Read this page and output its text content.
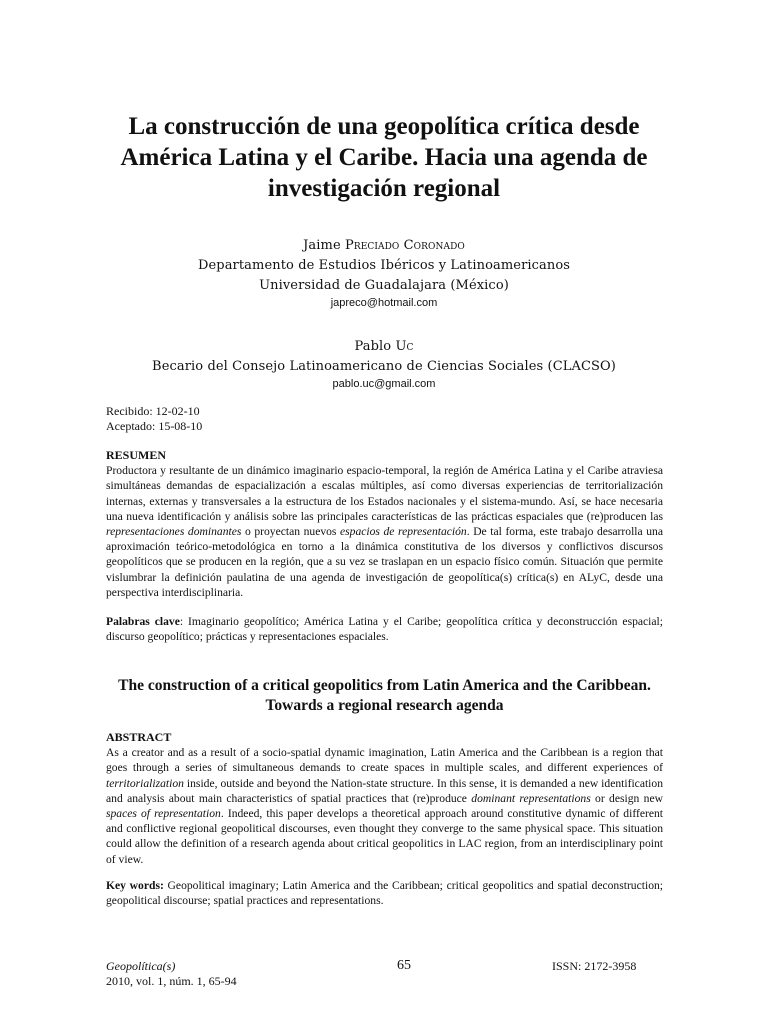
La construcción de una geopolítica crítica desde América Latina y el Caribe. Hacia una agenda de investigación regional
Jaime Preciado Coronado
Departamento de Estudios Ibéricos y Latinoamericanos
Universidad de Guadalajara (México)
japreco@hotmail.com
Pablo Uc
Becario del Consejo Latinoamericano de Ciencias Sociales (CLACSO)
pablo.uc@gmail.com
Recibido: 12-02-10
Aceptado: 15-08-10
RESUMEN
Productora y resultante de un dinámico imaginario espacio-temporal, la región de América Latina y el Caribe atraviesa simultáneas demandas de espacialización a escalas múltiples, así como diversas experiencias de territorialización internas, externas y transversales a la estructura de los Estados nacionales y el sistema-mundo. Así, se hace necesaria una nueva identificación y análisis sobre las principales características de las prácticas espaciales que (re)producen las representaciones dominantes o proyectan nuevos espacios de representación. De tal forma, este trabajo desarrolla una aproximación teórico-metodológica en torno a la dinámica constitutiva de los diversos y conflictivos discursos geopolíticos que se producen en la región, que a su vez se traslapan en un espacio físico común. Situación que permite vislumbrar la definición paulatina de una agenda de investigación de geopolítica(s) crítica(s) en ALyC, desde una perspectiva interdisciplinaria.
Palabras clave: Imaginario geopolítico; América Latina y el Caribe; geopolítica crítica y deconstrucción espacial; discurso geopolítico; prácticas y representaciones espaciales.
The construction of a critical geopolitics from Latin America and the Caribbean. Towards a regional research agenda
ABSTRACT
As a creator and as a result of a socio-spatial dynamic imagination, Latin America and the Caribbean is a region that goes through a series of simultaneous demands to create spaces in multiple scales, and different experiences of territorialization inside, outside and beyond the Nation-state structure. In this sense, it is demanded a new identification and analysis about main characteristics of spatial practices that (re)produce dominant representations or design new spaces of representation. Indeed, this paper develops a theoretical approach around constitutive dynamic of different and conflictive regional geopolitical discourses, even thought they converge to the same physical space. This situation could allow the definition of a research agenda about critical geopolitics in LAC region, from an interdisciplinary point of view.
Key words: Geopolitical imaginary; Latin America and the Caribbean; critical geopolitics and spatial deconstruction; geopolitical discourse; spatial practices and representations.
Geopolítica(s)
2010, vol. 1, núm. 1, 65-94
65	ISSN: 2172-3958
